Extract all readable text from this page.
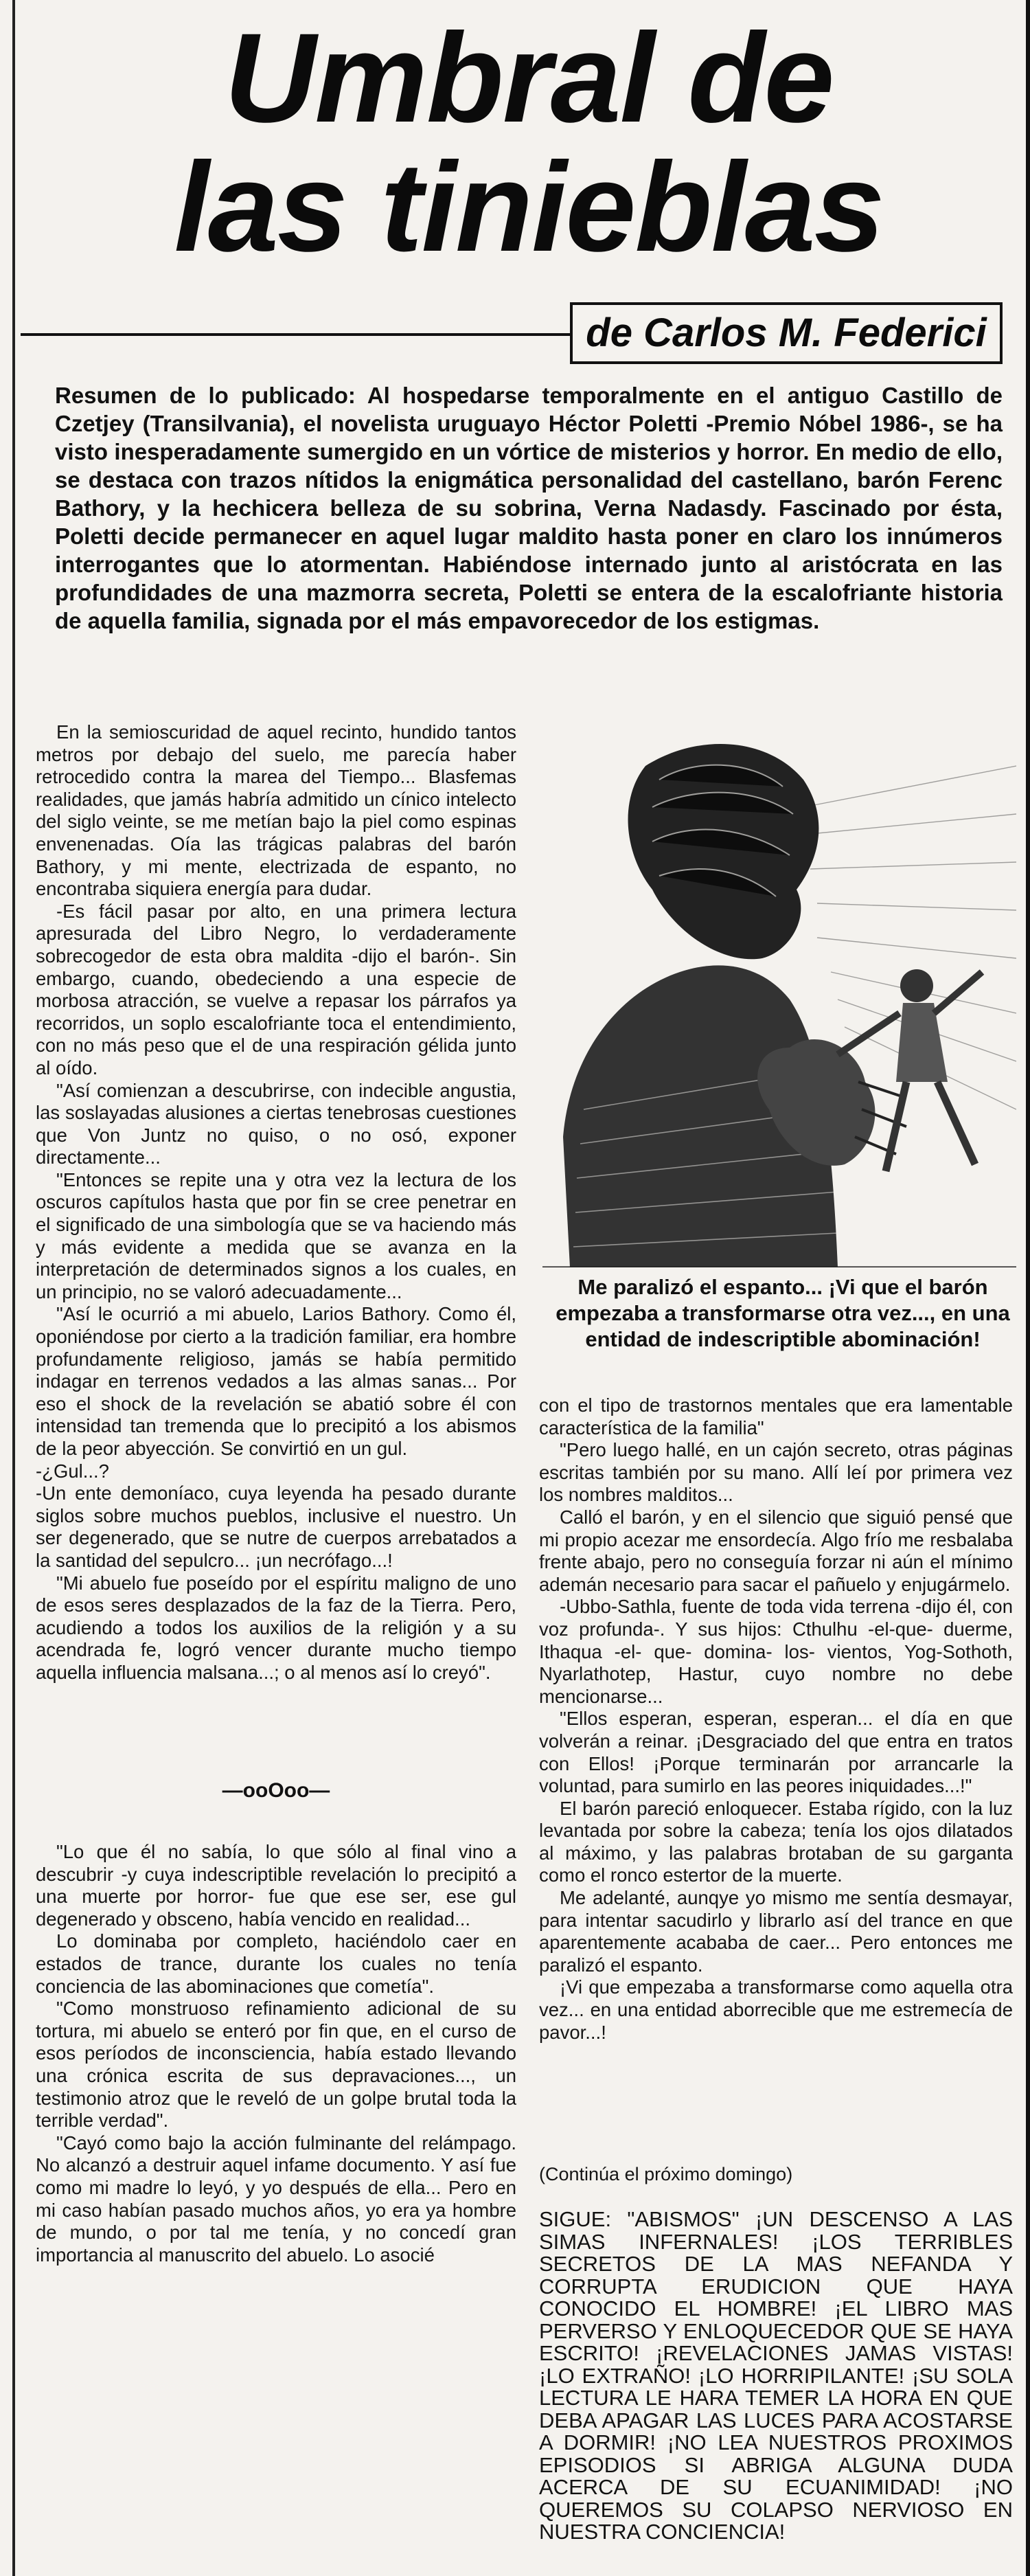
Umbral de
las tinieblas
de Carlos M. Federici

Resumen de lo publicado: Al hospedarse temporalmente en el antiguo Castillo de Czetjey (Transilvania), el novelista uruguayo Héctor Poletti -Premio Nóbel 1986-, se ha visto inesperadamente sumergido en un vórtice de misterios y horror. En medio de ello, se destaca con trazos nítidos la enigmática personalidad del castellano, barón Ferenc Bathory, y la hechicera belleza de su sobrina, Verna Nadasdy. Fascinado por ésta, Poletti decide permanecer en aquel lugar maldito hasta poner en claro los innúmeros interrogantes que lo atormentan. Habiéndose internado junto al aristócrata en las profundidades de una mazmorra secreta, Poletti se entera de la escalofriante historia de aquella familia, signada por el más empavorecedor de los estigmas.

En la semioscuridad de aquel recinto, hundido tantos metros por debajo del suelo, me parecía haber retrocedido contra la marea del Tiempo... Blasfemas realidades, que jamás habría admitido un cínico intelecto del siglo veinte, se me metían bajo la piel como espinas envenenadas. Oía las trágicas palabras del barón Bathory, y mi mente, electrizada de espanto, no encontraba siquiera energía para dudar.

-Es fácil pasar por alto, en una primera lectura apresurada del Libro Negro, lo verdaderamente sobrecogedor de esta obra maldita -dijo el barón-. Sin embargo, cuando, obedeciendo a una especie de morbosa atracción, se vuelve a repasar los párrafos ya recorridos, un soplo escalofriante toca el entendimiento, con no más peso que el de una respiración gélida junto al oído.

"Así comienzan a descubrirse, con indecible angustia, las soslayadas alusiones a ciertas tenebrosas cuestiones que Von Juntz no quiso, o no osó, exponer directamente...

"Entonces se repite una y otra vez la lectura de los oscuros capítulos hasta que por fin se cree penetrar en el significado de una simbología que se va haciendo más y más evidente a medida que se avanza en la interpretación de determinados signos a los cuales, en un principio, no se valoró adecuadamente...

"Así le ocurrió a mi abuelo, Larios Bathory. Como él, oponiéndose por cierto a la tradición familiar, era hombre profundamente religioso, jamás se había permitido indagar en terrenos vedados a las almas sanas... Por eso el shock de la revelación se abatió sobre él con intensidad tan tremenda que lo precipitó a los abismos de la peor abyección. Se convirtió en un gul.

-¿Gul...?

-Un ente demoníaco, cuya leyenda ha pesado durante siglos sobre muchos pueblos, inclusive el nuestro. Un ser degenerado, que se nutre de cuerpos arrebatados a la santidad del sepulcro... ¡un necrófago...!

"Mi abuelo fue poseído por el espíritu maligno de uno de esos seres desplazados de la faz de la Tierra. Pero, acudiendo a todos los auxilios de la religión y a su acendrada fe, logró vencer durante mucho tiempo aquella influencia malsana...; o al menos así lo creyó".

—ooOoo—

"Lo que él no sabía, lo que sólo al final vino a descubrir -y cuya indescriptible revelación lo precipitó a una muerte por horror- fue que ese ser, ese gul degenerado y obsceno, había vencido en realidad...

Lo dominaba por completo, haciéndolo caer en estados de trance, durante los cuales no tenía conciencia de las abominaciones que cometía".

"Como monstruoso refinamiento adicional de su tortura, mi abuelo se enteró por fin que, en el curso de esos períodos de inconsciencia, había estado llevando una crónica escrita de sus depravaciones..., un testimonio atroz que le reveló de un golpe brutal toda la terrible verdad".

"Cayó como bajo la acción fulminante del relámpago. No alcanzó a destruir aquel infame documento. Y así fue como mi madre lo leyó, y yo después de ella... Pero en mi caso habían pasado muchos años, yo era ya hombre de mundo, o por tal me tenía, y no concedí gran importancia al manuscrito del abuelo. Lo asocié

Me paralizó el espanto... ¡Vi que el barón empezaba a transformarse otra vez..., en una entidad de indescriptible abominación!

con el tipo de trastornos mentales que era lamentable característica de la familia"

"Pero luego hallé, en un cajón secreto, otras páginas escritas también por su mano. Allí leí por primera vez los nombres malditos...

Calló el barón, y en el silencio que siguió pensé que mi propio acezar me ensordecía. Algo frío me resbalaba frente abajo, pero no conseguía forzar ni aún el mínimo ademán necesario para sacar el pañuelo y enjugármelo.

-Ubbo-Sathla, fuente de toda vida terrena -dijo él, con voz profunda-. Y sus hijos: Cthulhu -el-que- duerme, Ithaqua -el- que- domina- los- vientos, Yog-Sothoth, Nyarlathotep, Hastur, cuyo nombre no debe mencionarse...

"Ellos esperan, esperan, esperan... el día en que volverán a reinar. ¡Desgraciado del que entra en tratos con Ellos! ¡Porque terminarán por arrancarle la voluntad, para sumirlo en las peores iniquidades...!"

El barón pareció enloquecer. Estaba rígido, con la luz levantada por sobre la cabeza; tenía los ojos dilatados al máximo, y las palabras brotaban de su garganta como el ronco estertor de la muerte.

Me adelanté, aunqye yo mismo me sentía desmayar, para intentar sacudirlo y librarlo así del trance en que aparentemente acababa de caer... Pero entonces me paralizó el espanto.

¡Vi que empezaba a transformarse como aquella otra vez... en una entidad aborrecible que me estremecía de pavor...!

(Continúa el próximo domingo)

SIGUE: "ABISMOS" ¡UN DESCENSO A LAS SIMAS INFERNALES! ¡LOS TERRIBLES SECRETOS DE LA MAS NEFANDA Y CORRUPTA ERUDICION QUE HAYA CONOCIDO EL HOMBRE! ¡EL LIBRO MAS PERVERSO Y ENLOQUECEDOR QUE SE HAYA ESCRITO! ¡REVELACIONES JAMAS VISTAS! ¡LO EXTRAÑO! ¡LO HORRIPILANTE! ¡SU SOLA LECTURA LE HARA TEMER LA HORA EN QUE DEBA APAGAR LAS LUCES PARA ACOSTARSE A DORMIR! ¡NO LEA NUESTROS PROXIMOS EPISODIOS SI ABRIGA ALGUNA DUDA ACERCA DE SU ECUANIMIDAD! ¡NO QUEREMOS SU COLAPSO NERVIOSO EN NUESTRA CONCIENCIA!
